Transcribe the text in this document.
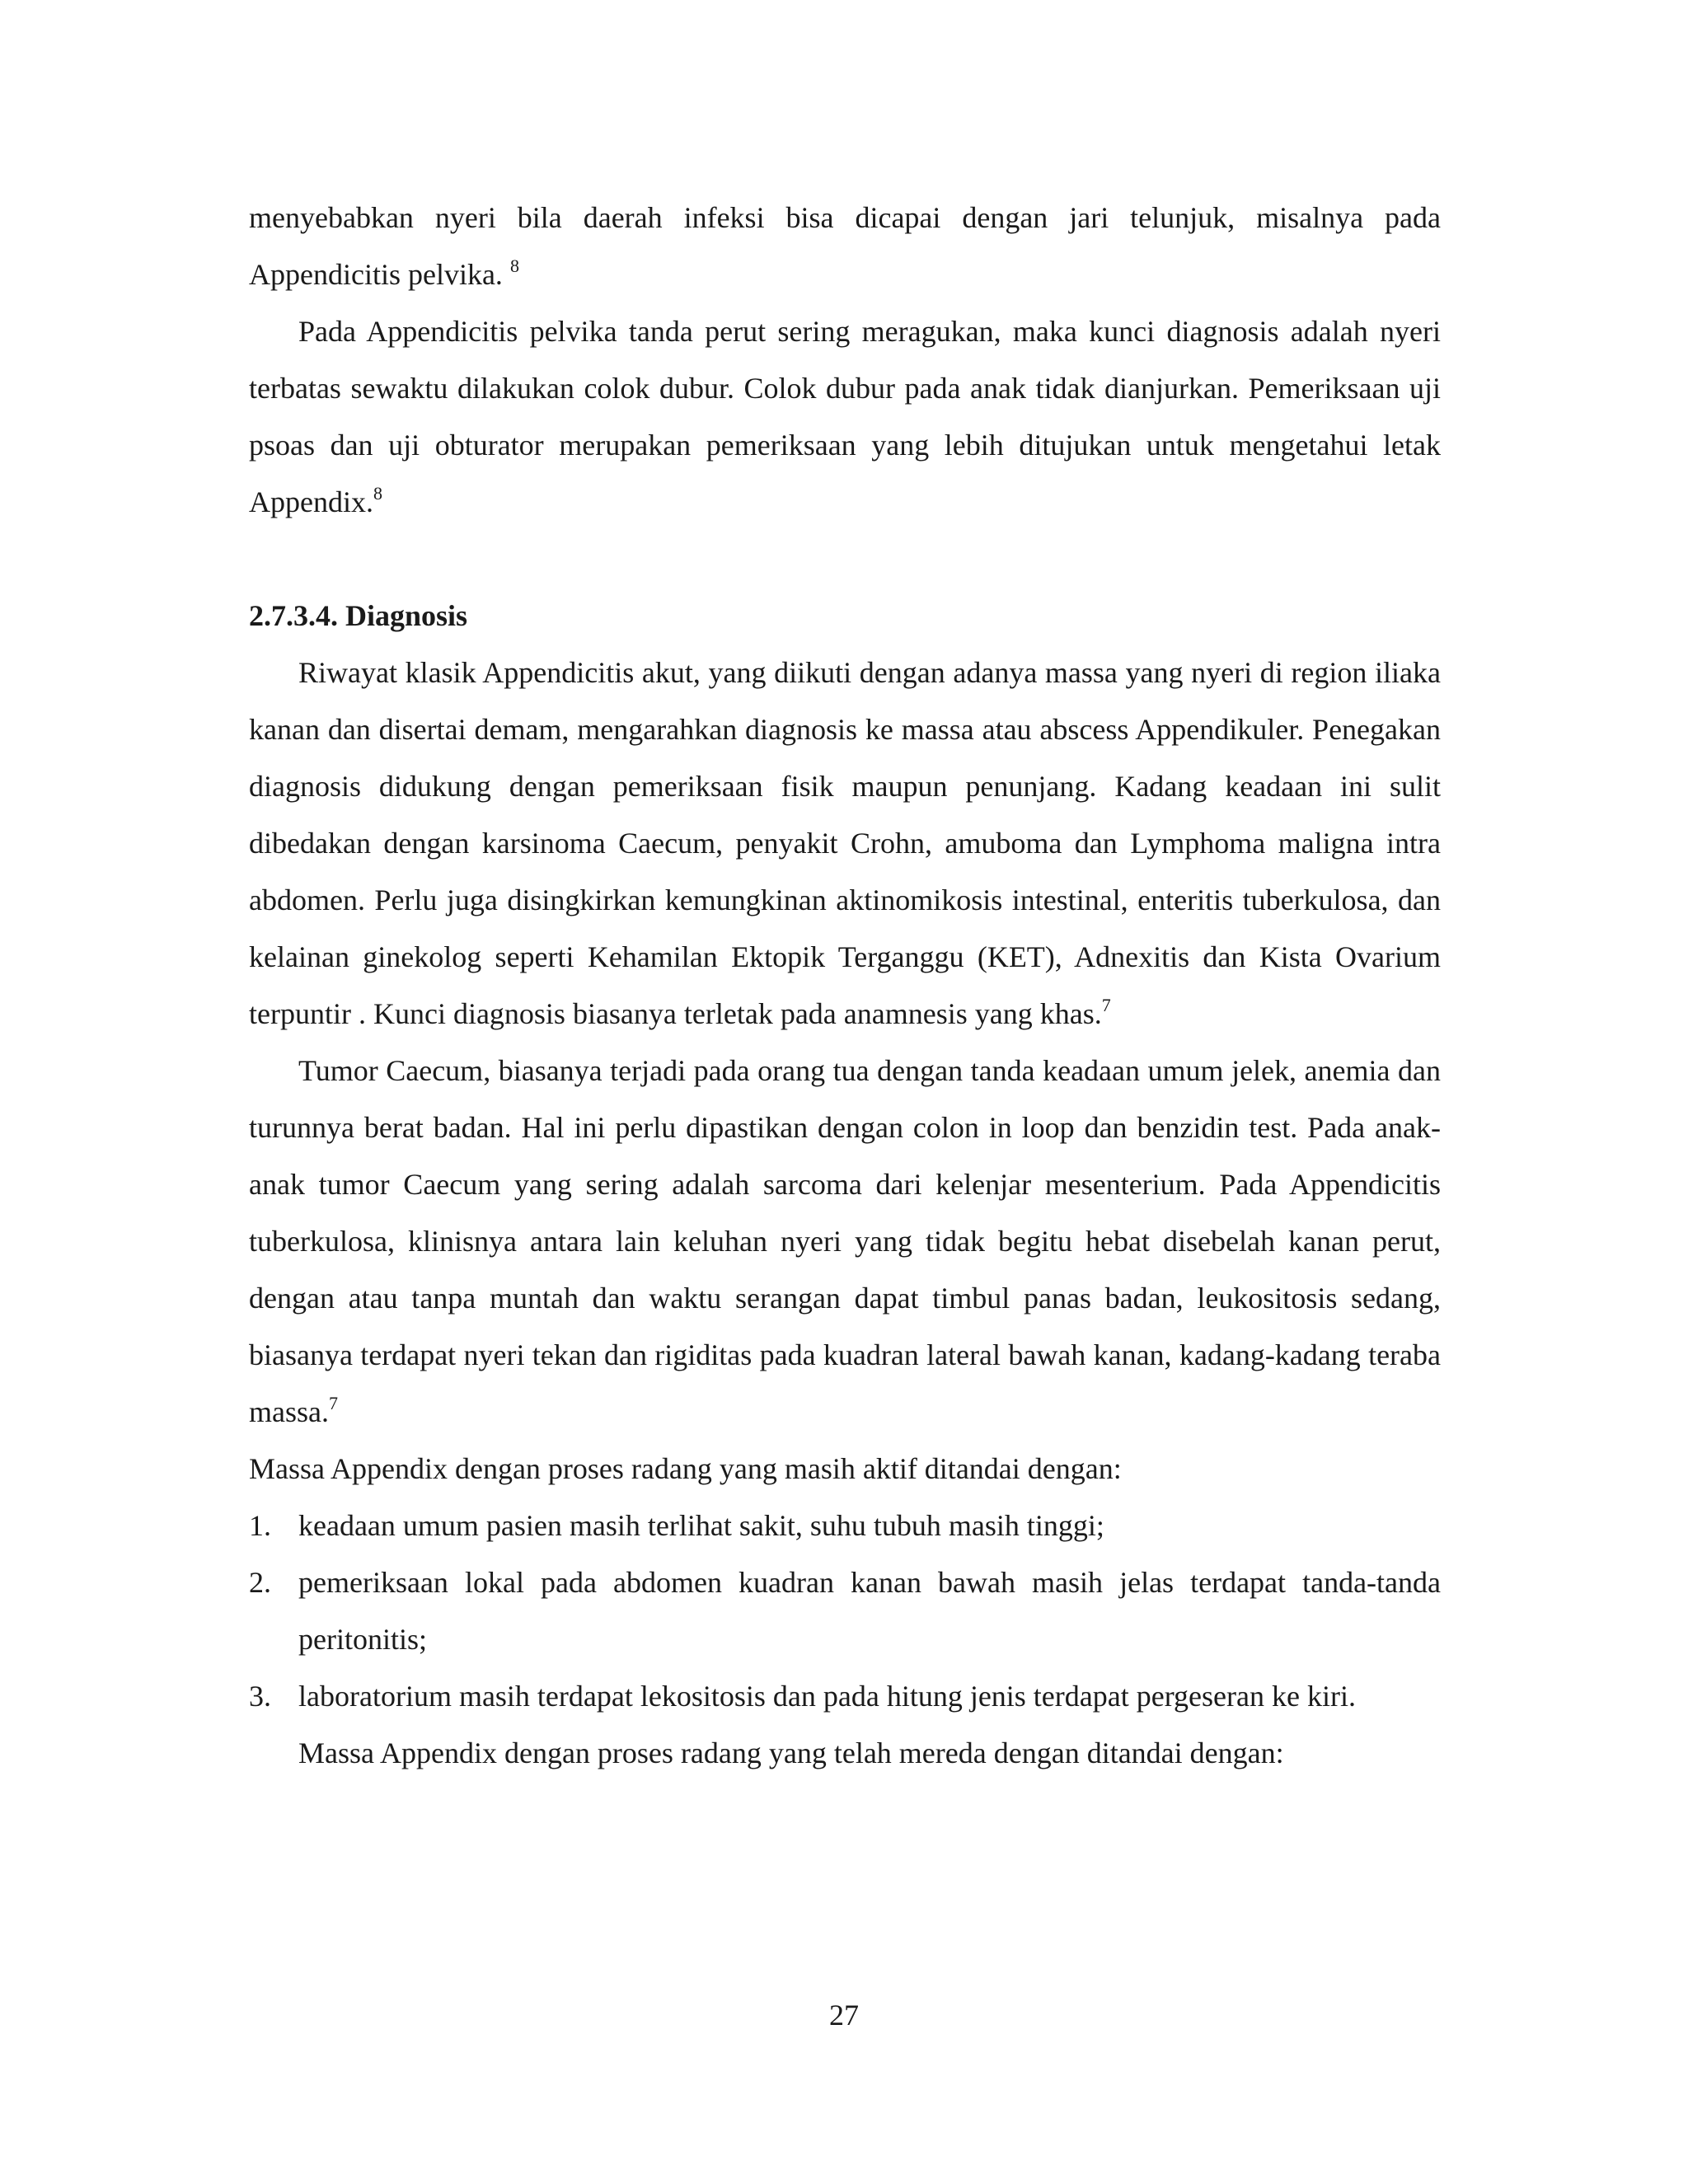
menyebabkan nyeri bila daerah infeksi bisa dicapai dengan jari telunjuk, misalnya pada Appendicitis pelvika. $^8$

Pada Appendicitis pelvika tanda perut sering meragukan, maka kunci diagnosis adalah nyeri terbatas sewaktu dilakukan colok dubur. Colok dubur pada anak tidak dianjurkan. Pemeriksaan uji psoas dan uji obturator merupakan pemeriksaan yang lebih ditujukan untuk mengetahui letak Appendix.$^8$

2.7.3.4. Diagnosis

Riwayat klasik Appendicitis akut, yang diikuti dengan adanya massa yang nyeri di region iliaka kanan dan disertai demam, mengarahkan diagnosis ke massa atau abscess Appendikuler. Penegakan diagnosis didukung dengan pemeriksaan fisik maupun penunjang. Kadang keadaan ini sulit dibedakan dengan karsinoma Caecum, penyakit Crohn, amuboma dan Lymphoma maligna intra abdomen. Perlu juga disingkirkan kemungkinan aktinomikosis intestinal, enteritis tuberkulosa, dan kelainan ginekolog seperti Kehamilan Ektopik Terganggu (KET), Adnexitis dan Kista Ovarium terpuntir . Kunci diagnosis biasanya terletak pada anamnesis yang khas.$^7$

Tumor Caecum, biasanya terjadi pada orang tua dengan tanda keadaan umum jelek, anemia dan turunnya berat badan. Hal ini perlu dipastikan dengan colon in loop dan benzidin test. Pada anak-anak tumor Caecum yang sering adalah sarcoma dari kelenjar mesenterium. Pada Appendicitis tuberkulosa, klinisnya antara lain keluhan nyeri yang tidak begitu hebat disebelah kanan perut, dengan atau tanpa muntah dan waktu serangan dapat timbul panas badan, leukositosis sedang, biasanya terdapat nyeri tekan dan rigiditas pada kuadran lateral bawah kanan, kadang-kadang teraba massa.$^7$

Massa Appendix dengan proses radang yang masih aktif ditandai dengan:

1. keadaan umum pasien masih terlihat sakit, suhu tubuh masih tinggi;
2. pemeriksaan lokal pada abdomen kuadran kanan bawah masih jelas terdapat tanda-tanda peritonitis;
3. laboratorium masih terdapat lekositosis dan pada hitung jenis terdapat pergeseran ke kiri.

Massa Appendix dengan proses radang yang telah mereda dengan ditandai dengan:

27
